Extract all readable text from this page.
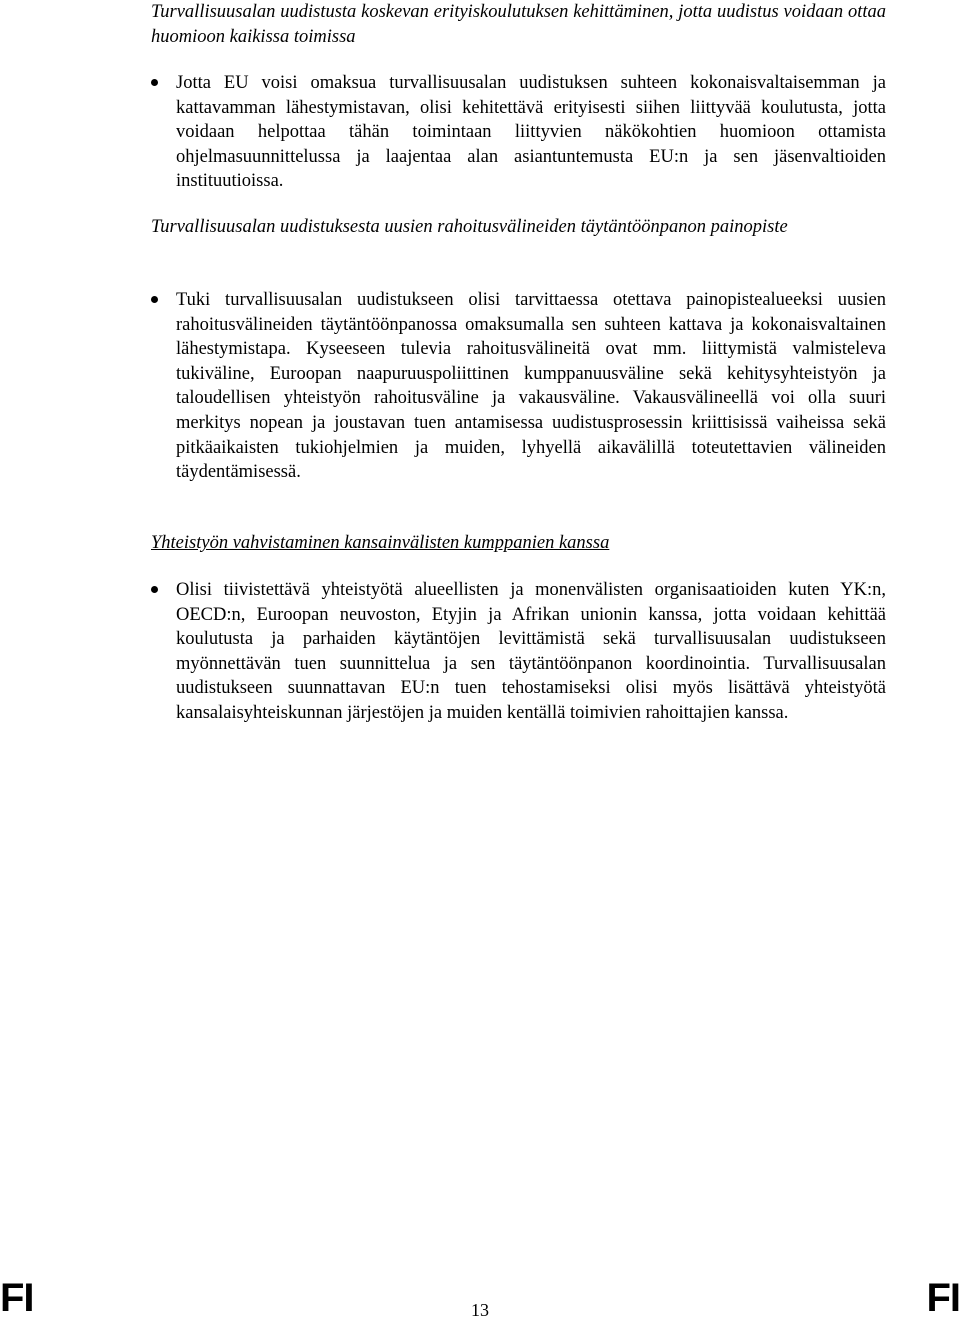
Turvallisuusalan uudistusta koskevan erityiskoulutuksen kehittäminen, jotta uudistus voidaan ottaa huomioon kaikissa toimissa

Jotta EU voisi omaksua turvallisuusalan uudistuksen suhteen kokonaisvaltaisemman ja kattavamman lähestymistavan, olisi kehitettävä erityisesti siihen liittyvää koulutusta, jotta voidaan helpottaa tähän toimintaan liittyvien näkökohtien huomioon ottamista ohjelmasuunnittelussa ja laajentaa alan asiantuntemusta EU:n ja sen jäsenvaltioiden instituutioissa.

Turvallisuusalan uudistuksesta uusien rahoitusvälineiden täytäntöönpanon painopiste

Tuki turvallisuusalan uudistukseen olisi tarvittaessa otettava painopistealueeksi uusien rahoitusvälineiden täytäntöönpanossa omaksumalla sen suhteen kattava ja kokonaisvaltainen lähestymistapa. Kyseeseen tulevia rahoitusvälineitä ovat mm. liittymistä valmisteleva tukiväline, Euroopan naapuruuspoliittinen kumppanuusväline sekä kehitysyhteistyön ja taloudellisen yhteistyön rahoitusväline ja vakausväline. Vakausvälineellä voi olla suuri merkitys nopean ja joustavan tuen antamisessa uudistusprosessin kriittisissä vaiheissa sekä pitkäaikaisten tukiohjelmien ja muiden, lyhyellä aikavälillä toteutettavien välineiden täydentämisessä.

Yhteistyön vahvistaminen kansainvälisten kumppanien kanssa

Olisi tiivistettävä yhteistyötä alueellisten ja monenvälisten organisaatioiden kuten YK:n, OECD:n, Euroopan neuvoston, Etyjin ja Afrikan unionin kanssa, jotta voidaan kehittää koulutusta ja parhaiden käytäntöjen levittämistä sekä turvallisuusalan uudistukseen myönnettävän tuen suunnittelua ja sen täytäntöönpanon koordinointia. Turvallisuusalan uudistukseen suunnattavan EU:n tuen tehostamiseksi olisi myös lisättävä yhteistyötä kansalaisyhteiskunnan järjestöjen ja muiden kentällä toimivien rahoittajien kanssa.

FI	13	FI
